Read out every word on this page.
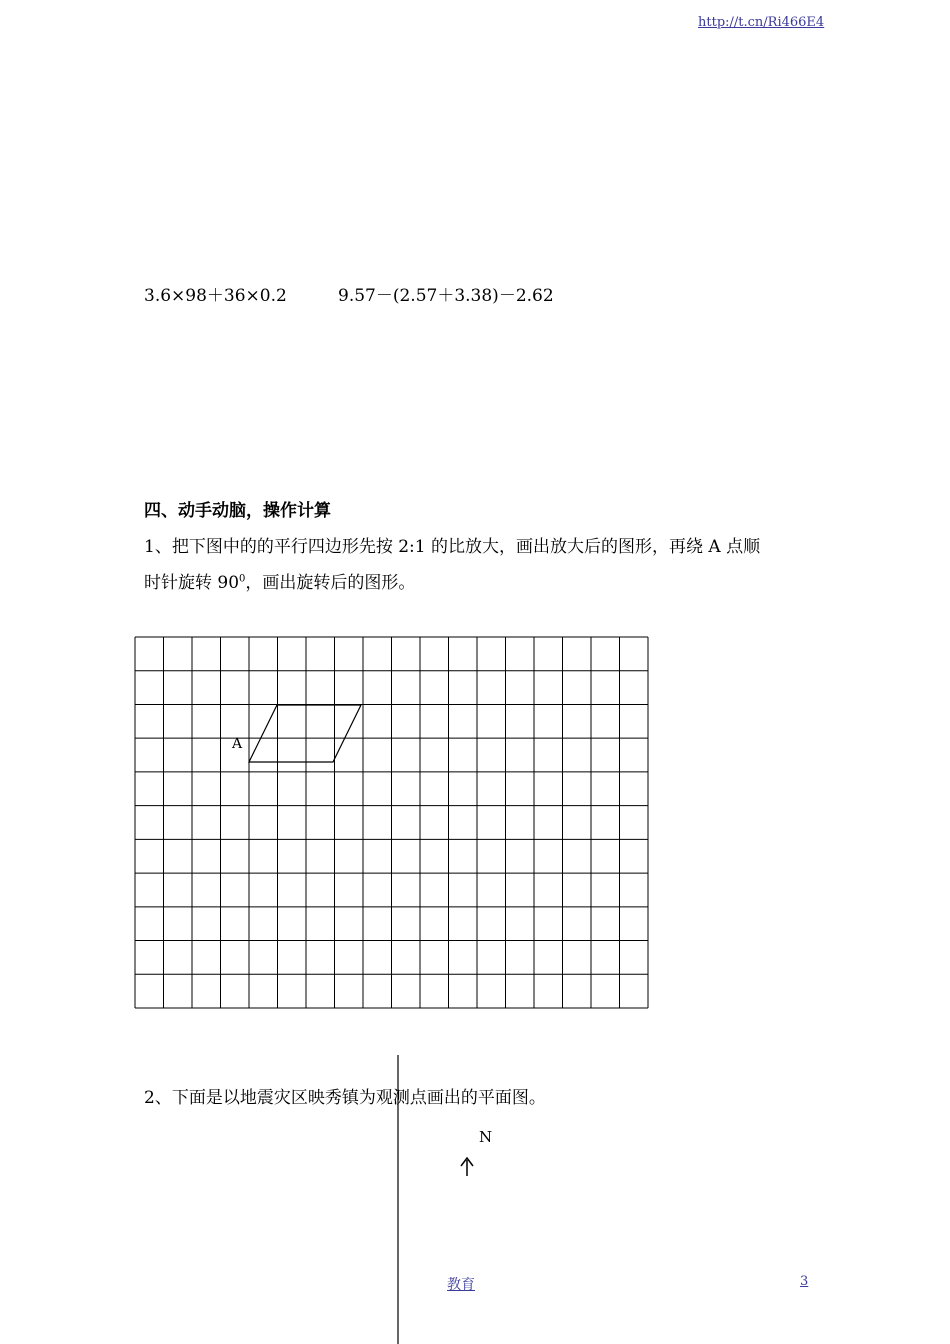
http://t.cn/Ri466E4
3.6×98＋36×0.2	9.57－(2.57＋3.38)－2.62
四、动手动脑，操作计算
1、把下图中的的平行四边形先按 2:1 的比放大，画出放大后的图形，再绕 A 点顺
时针旋转 $90^0$，画出旋转后的图形。
A
2、下面是以地震灾区映秀镇为观测点画出的平面图。
N
教育	3
